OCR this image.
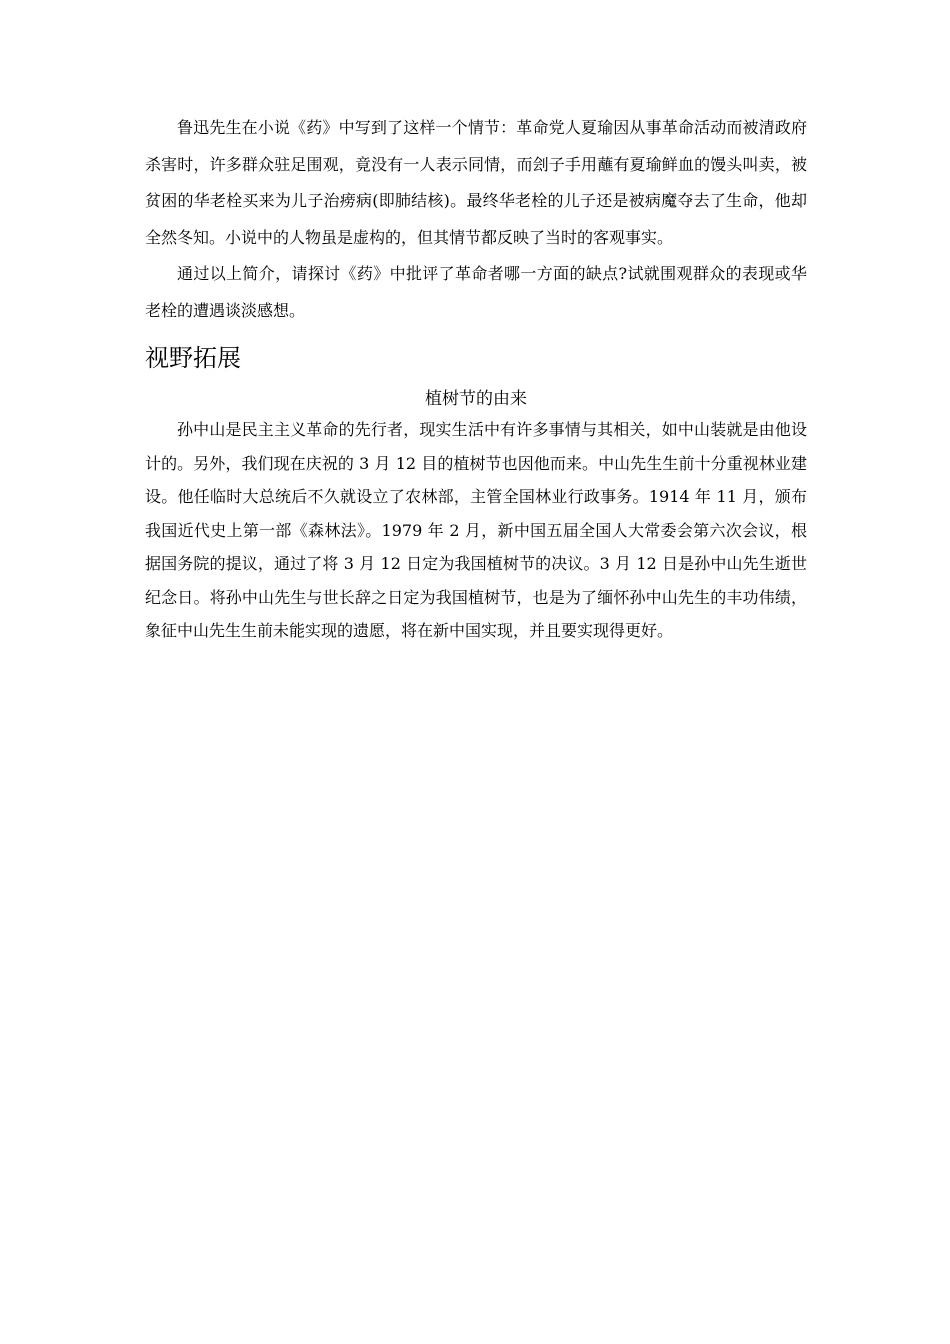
鲁迅先生在小说《药》中写到了这样一个情节：革命党人夏瑜因从事革命活动而被清政府杀害时，许多群众驻足围观，竟没有一人表示同情，而刽子手用蘸有夏瑜鲜血的馒头叫卖，被贫困的华老栓买来为儿子治痨病(即肺结核)。最终华老栓的儿子还是被病魔夺去了生命，他却全然冬知。小说中的人物虽是虚构的，但其情节都反映了当时的客观事实。

通过以上简介，请探讨《药》中批评了革命者哪一方面的缺点?试就围观群众的表现或华老栓的遭遇谈淡感想。

视野拓展
植树节的由来

孙中山是民主主义革命的先行者，现实生活中有许多事情与其相关，如中山装就是由他设计的。另外，我们现在庆祝的 3 月 12 目的植树节也因他而来。中山先生生前十分重视林业建设。他任临时大总统后不久就设立了农林部，主管全国林业行政事务。1914 年 11 月，颁布我国近代史上第一部《森林法》。1979 年 2 月，新中国五届全国人大常委会第六次会议，根据国务院的提议，通过了将 3 月 12 日定为我国植树节的决议。3 月 12 日是孙中山先生逝世纪念日。将孙中山先生与世长辞之日定为我国植树节，也是为了缅怀孙中山先生的丰功伟绩，象征中山先生生前未能实现的遗愿，将在新中国实现，并且要实现得更好。
